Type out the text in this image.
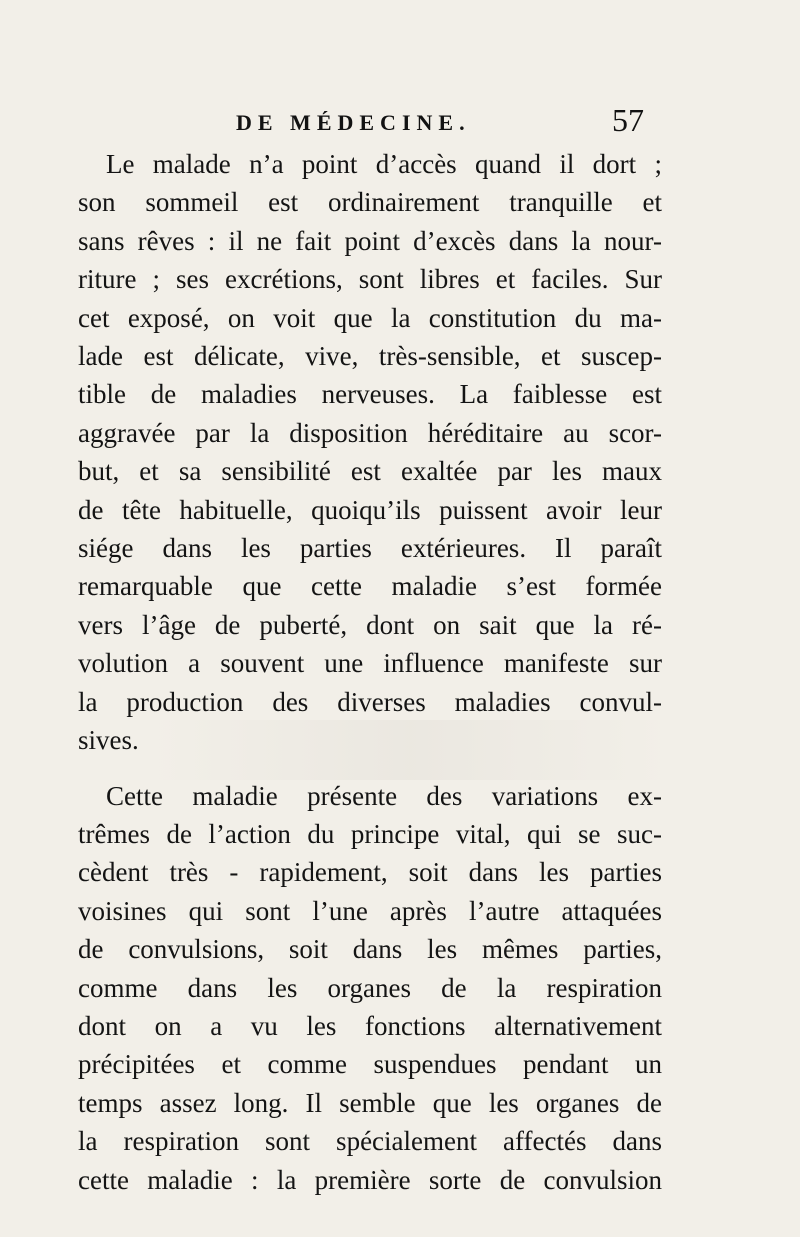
DE MÉDECINE.	57
Le malade n’a point d’accès quand il dort ;
son sommeil est ordinairement tranquille et
sans rêves : il ne fait point d’excès dans la nour-
riture ; ses excrétions, sont libres et faciles. Sur
cet exposé, on voit que la constitution du ma-
lade est délicate, vive, très-sensible, et suscep-
tible de maladies nerveuses. La faiblesse est
aggravée par la disposition héréditaire au scor-
but, et sa sensibilité est exaltée par les maux
de tête habituelle, quoiqu’ils puissent avoir leur
siége dans les parties extérieures. Il paraît
remarquable que cette maladie s’est formée
vers l’âge de puberté, dont on sait que la ré-
volution a souvent une influence manifeste sur
la production des diverses maladies convul-
sives.
Cette maladie présente des variations ex-
trêmes de l’action du principe vital, qui se suc-
cèdent très - rapidement, soit dans les parties
voisines qui sont l’une après l’autre attaquées
de convulsions, soit dans les mêmes parties,
comme dans les organes de la respiration
dont on a vu les fonctions alternativement
précipitées et comme suspendues pendant un
temps assez long. Il semble que les organes de
la respiration sont spécialement affectés dans
cette maladie : la première sorte de convulsion
